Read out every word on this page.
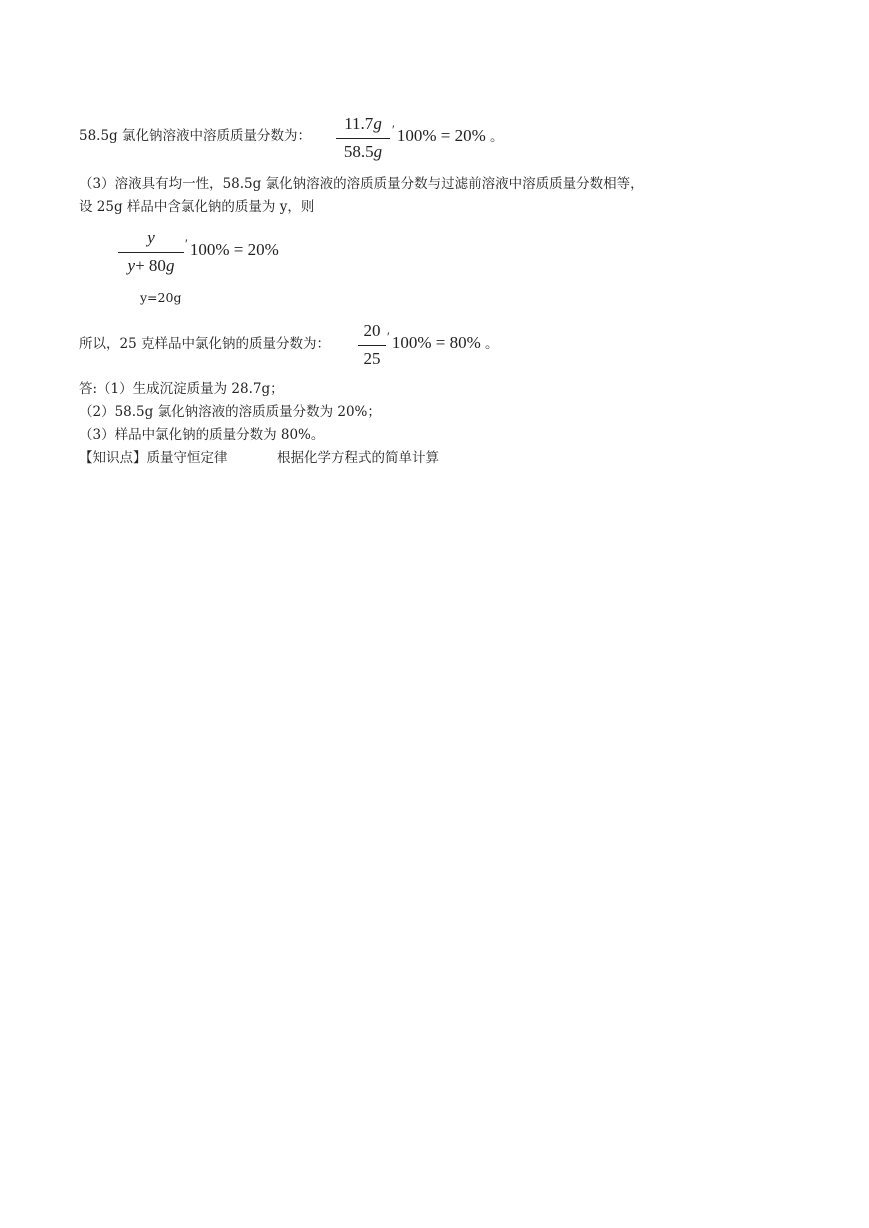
58.5g 氯化钠溶液中溶质质量分数为：
11.7g
58.5g
′ 100% = 20% 。
（3）溶液具有均一性，58.5g 氯化钠溶液的溶质质量分数与过滤前溶液中溶质质量分数相等，
设 25g 样品中含氯化钠的质量为 y，则
y
y+ 80g
′ 100% = 20%
y=20g
所以，25 克样品中氯化钠的质量分数为：
20
25
′ 100% = 80% 。
答:（1）生成沉淀质量为 28.7g；
（2）58.5g 氯化钠溶液的溶质质量分数为 20%；
（3）样品中氯化钠的质量分数为 80%。
【知识点】质量守恒定律	根据化学方程式的简单计算
